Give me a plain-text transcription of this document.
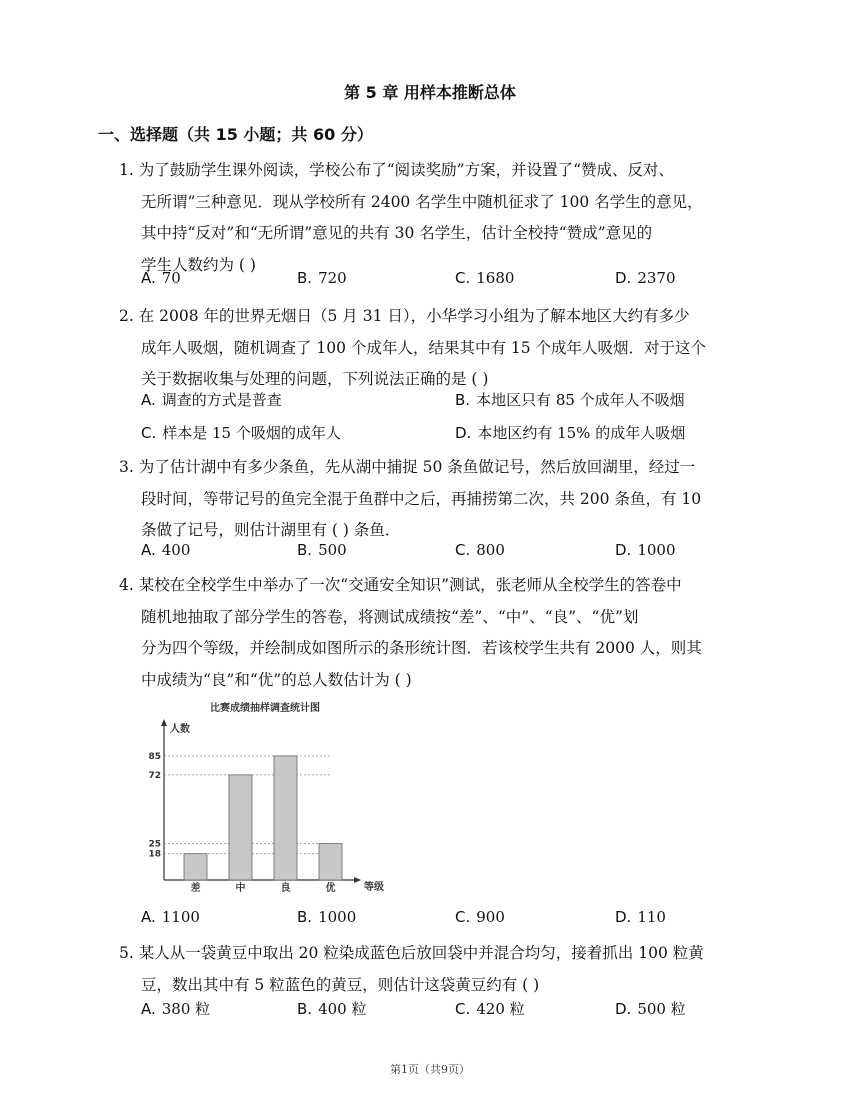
第 5 章 用样本推断总体
一、选择题（共 15 小题；共 60 分）
1. 为了鼓励学生课外阅读，学校公布了“阅读奖励”方案，并设置了“赞成、反对、
无所谓”三种意见．现从学校所有 2400 名学生中随机征求了 100 名学生的意见，
其中持“反对”和“无所谓”意见的共有 30 名学生，估计全校持“赞成”意见的
学生人数约为 ( )
A. 70	B. 720	C. 1680	D. 2370
2. 在 2008 年的世界无烟日（5 月 31 日），小华学习小组为了解本地区大约有多少
成年人吸烟，随机调查了 100 个成年人，结果其中有 15 个成年人吸烟．对于这个
关于数据收集与处理的问题，下列说法正确的是 ( )
A. 调查的方式是普查	B. 本地区只有 85 个成年人不吸烟
C. 样本是 15 个吸烟的成年人	D. 本地区约有 15% 的成年人吸烟
3. 为了估计湖中有多少条鱼，先从湖中捕捉 50 条鱼做记号，然后放回湖里，经过一
段时间，等带记号的鱼完全混于鱼群中之后，再捕捞第二次，共 200 条鱼，有 10
条做了记号，则估计湖里有 ( ) 条鱼．
A. 400	B. 500	C. 800	D. 1000
4. 某校在全校学生中举办了一次“交通安全知识”测试，张老师从全校学生的答卷中
随机地抽取了部分学生的答卷，将测试成绩按“差”、“中”、“良”、“优”划
分为四个等级，并绘制成如图所示的条形统计图．若该校学生共有 2000 人，则其
中成绩为“良”和“优”的总人数估计为 ( )
比赛成绩抽样调查统计图
人数
等级
18
25
72
85
差	中	良	优
A. 1100	B. 1000	C. 900	D. 110
5. 某人从一袋黄豆中取出 20 粒染成蓝色后放回袋中并混合均匀，接着抓出 100 粒黄
豆，数出其中有 5 粒蓝色的黄豆，则估计这袋黄豆约有 ( )
A. 380 粒	B. 400 粒	C. 420 粒	D. 500 粒
第1页（共9页）
